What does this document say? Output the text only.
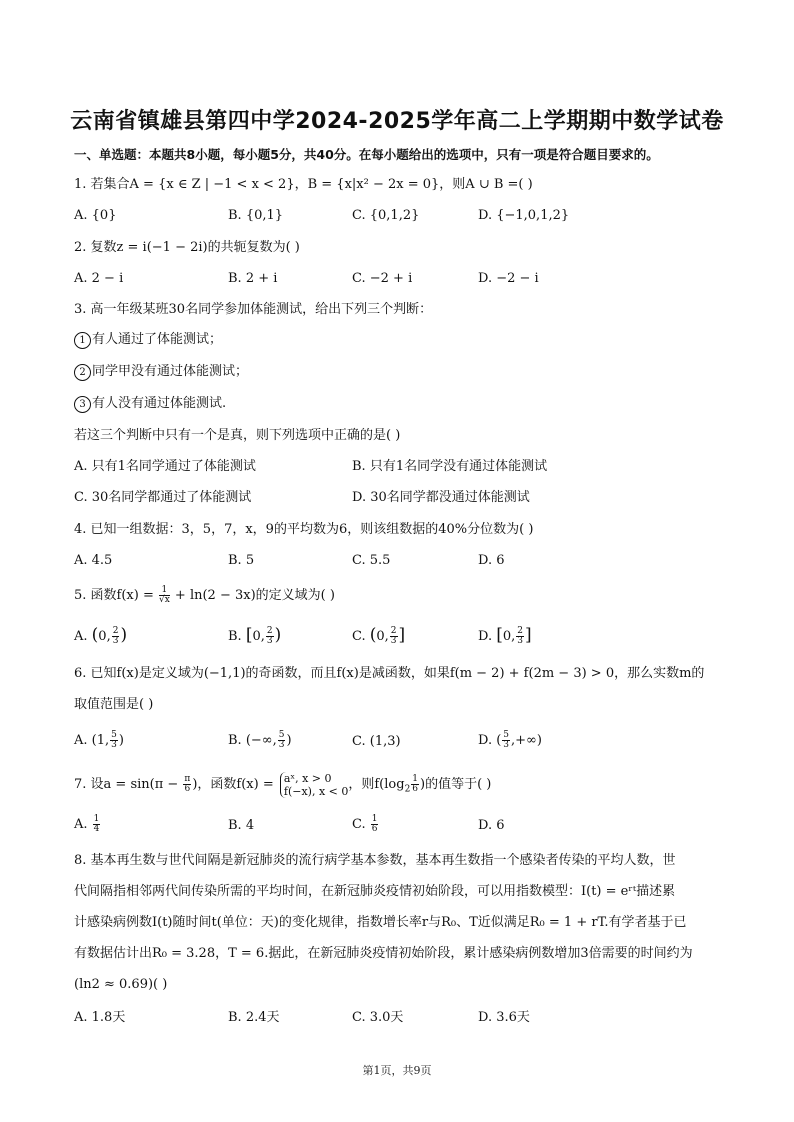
云南省镇雄县第四中学2024-2025学年高二上学期期中数学试卷
一、单选题：本题共8小题，每小题5分，共40分。在每小题给出的选项中，只有一项是符合题目要求的。
1. 若集合A = {x ∈ Z | −1 < x < 2}，B = {x|x² − 2x = 0}，则A ∪ B =( )
A. {0}	B. {0,1}	C. {0,1,2}	D. {−1,0,1,2}
2. 复数z = i(−1 − 2i)的共轭复数为( )
A. 2 − i	B. 2 + i	C. −2 + i	D. −2 − i
3. 高一年级某班30名同学参加体能测试，给出下列三个判断：
1 有人通过了体能测试；
2 同学甲没有通过体能测试；
3 有人没有通过体能测试.
若这三个判断中只有一个是真，则下列选项中正确的是( )
A. 只有1名同学通过了体能测试	B. 只有1名同学没有通过体能测试
C. 30名同学都通过了体能测试	D. 30名同学都没通过体能测试
4. 已知一组数据：3，5，7，x，9的平均数为6，则该组数据的40%分位数为( )
A. 4.5	B. 5	C. 5.5	D. 6
5. 函数$f(x) = \frac{1}{√x} + \ln(2 - 3x)$的定义域为( )
A. (0, $\frac{2}{3}$ )	B. [0, $\frac{2}{3}$ )	C. (0, $\frac{2}{3}$ ]	D. [0, $\frac{2}{3}$ ]
6. 已知f(x)是定义域为(−1,1)的奇函数，而且f(x)是减函数，如果f(m − 2) + f(2m − 3) > 0，那么实数m的
取值范围是( )
A. (1, $\frac{5}{3}$ )	B. (−∞, $\frac{5}{3}$ )	C. (1,3)	D. ( $\frac{5}{3}$ ,+∞)
7. 设$a = \sin(\pi - \frac{\pi}{6}$ )，函数f(x) = aˣ, x > 0
f(−x), x < 0 ，则$f(\log_2 \frac{1}{6}$ )的值等于( )
A. $\frac{1}{4}$	B. 4	C. $\frac{1}{6}$	D. 6
8. 基本再生数与世代间隔是新冠肺炎的流行病学基本参数，基本再生数指一个感染者传染的平均人数，世
代间隔指相邻两代间传染所需的平均时间，在新冠肺炎疫情初始阶段，可以用指数模型：I(t) = eʳᵗ描述累
计感染病例数I(t)随时间t(单位：天)的变化规律，指数增长率r与R₀、T近似满足R₀ = 1 + rT.有学者基于已
有数据估计出R₀ = 3.28，T = 6.据此，在新冠肺炎疫情初始阶段，累计感染病例数增加3倍需要的时间约为
(ln2 ≈ 0.69)( )
A. 1.8天	B. 2.4天	C. 3.0天	D. 3.6天
第1页，共9页
